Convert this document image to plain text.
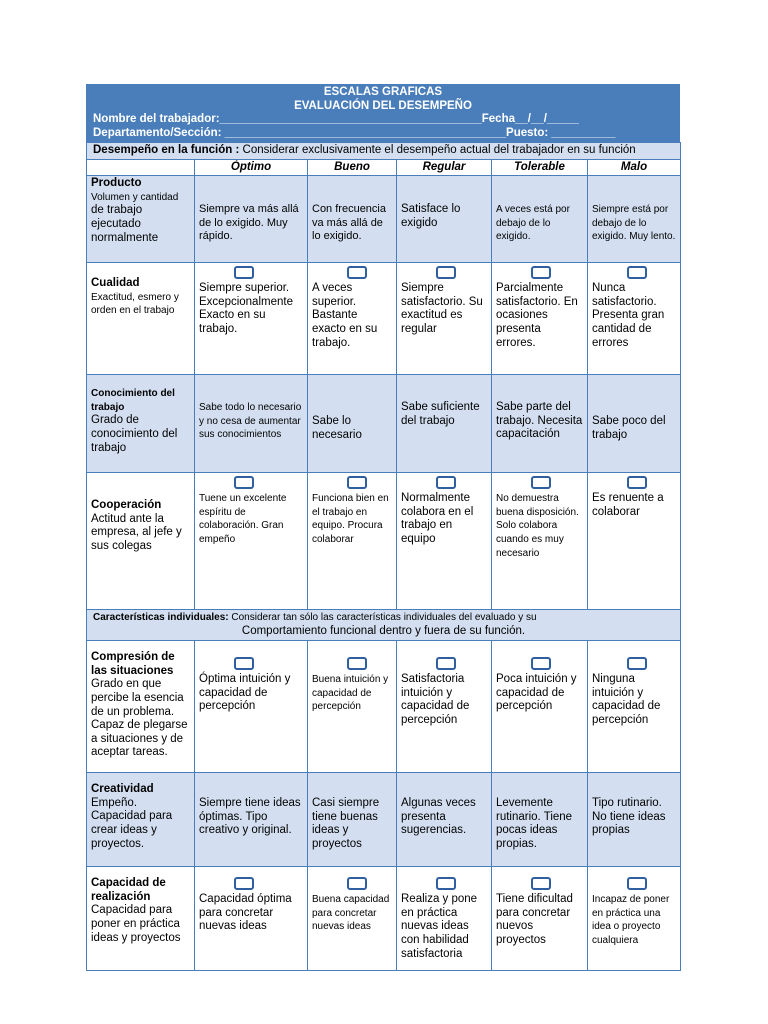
ESCALAS GRAFICAS
EVALUACIÓN DEL DESEMPEÑO
Nombre del trabajador:_________________________________________Fecha__/__/_____
Departamento/Sección: ____________________________________________Puesto: __________
Desempeño en la función : Considerar exclusivamente el desempeño actual del trabajador en su función					
	Óptimo	Bueno	Regular	Tolerable	Malo

Producto
Volumen y cantidad
de trabajo ejecutado normalmente	Siempre va más allá de lo exigido. Muy rápido.	Con frecuencia va más allá de lo exigido.	Satisface lo exigido	A veces está por debajo de lo exigido.	Siempre está por debajo de lo exigido. Muy lento.

Cualidad
Exactitud, esmero y orden en el trabajo	Siempre superior. Excepcionalmente Exacto en su trabajo.	A veces superior. Bastante exacto en su trabajo.	Siempre satisfactorio. Su exactitud es regular	Parcialmente satisfactorio. En ocasiones presenta errores.	Nunca satisfactorio. Presenta gran cantidad de errores

Conocimiento del trabajo
Grado de conocimiento del trabajo	Sabe todo lo necesario y no cesa de aumentar sus conocimientos	Sabe lo necesario	Sabe suficiente del trabajo	Sabe parte del trabajo. Necesita capacitación	Sabe poco del trabajo

Cooperación
Actitud ante la empresa, al jefe y sus colegas	Tuene un excelente espíritu de colaboración. Gran empeño	Funciona bien en el trabajo en equipo. Procura colaborar	Normalmente colabora en el trabajo en equipo	No demuestra buena disposición. Solo colabora cuando es muy necesario	Es renuente a colaborar

Características individuales: Considerar tan sólo las características individuales del evaluado y su
Comportamiento funcional dentro y fuera de su función.					

Compresión de las situaciones
Grado en que percibe la esencia de un problema. Capaz de plegarse a situaciones y de aceptar tareas.	Óptima intuición y capacidad de percepción	Buena intuición y capacidad de percepción	Satisfactoria intuición y capacidad de percepción	Poca intuición y capacidad de percepción	Ninguna intuición y capacidad de percepción

Creatividad
Empeño. Capacidad para crear ideas y proyectos.	Siempre tiene ideas óptimas. Tipo creativo y original.	Casi siempre tiene buenas ideas y proyectos	Algunas veces presenta sugerencias.	Levemente rutinario. Tiene pocas ideas propias.	Tipo rutinario. No tiene ideas propias

Capacidad de realización
Capacidad para poner en práctica ideas y proyectos	Capacidad óptima para concretar nuevas ideas	Buena capacidad para concretar nuevas ideas	Realiza y pone en práctica nuevas ideas con habilidad satisfactoria	Tiene dificultad para concretar nuevos proyectos	Incapaz de poner en práctica una idea o proyecto cualquiera
